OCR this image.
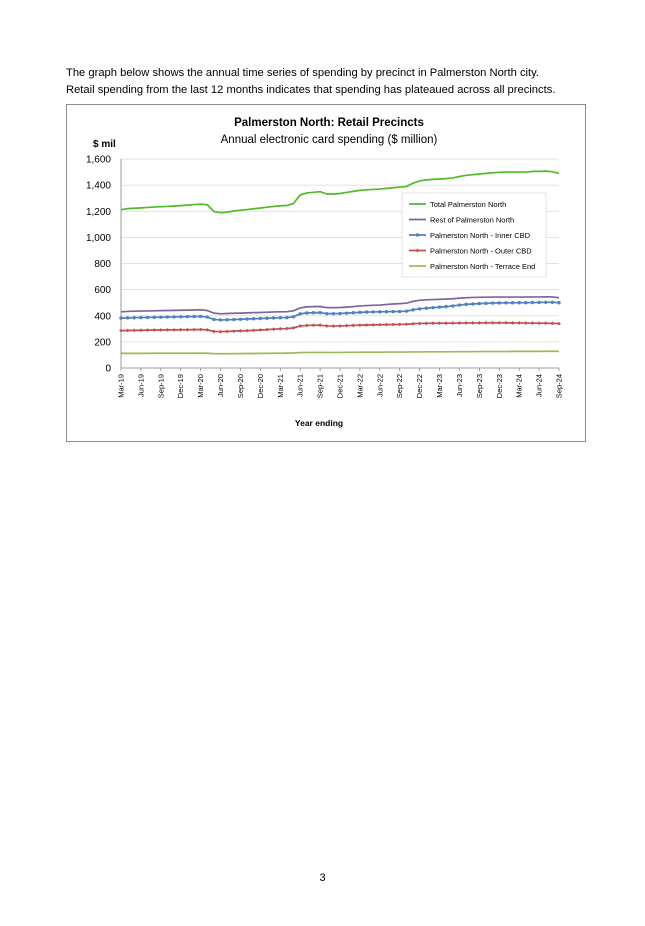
The graph below shows the annual time series of spending by precinct in Palmerston North city.
Retail spending from the last 12 months indicates that spending has plateaued across all precincts.

Palmerston North: Retail Precincts
Annual electronic card spending ($ million)
$ mil
Year ending
0
200
400
600
800
1,000
1,200
1,400
1,600
Mar-19 Jun-19 Sep-19 Dec-19 Mar-20 Jun-20 Sep-20 Dec-20 Mar-21 Jun-21 Sep-21 Dec-21 Mar-22 Jun-22 Sep-22 Dec-22 Mar-23 Jun-23 Sep-23 Dec-23 Mar-24 Jun-24 Sep-24
Total Palmerston North
Rest of Palmerston North
Palmerston North - Inner CBD
Palmerston North - Outer CBD
Palmerston North - Terrace End
3
